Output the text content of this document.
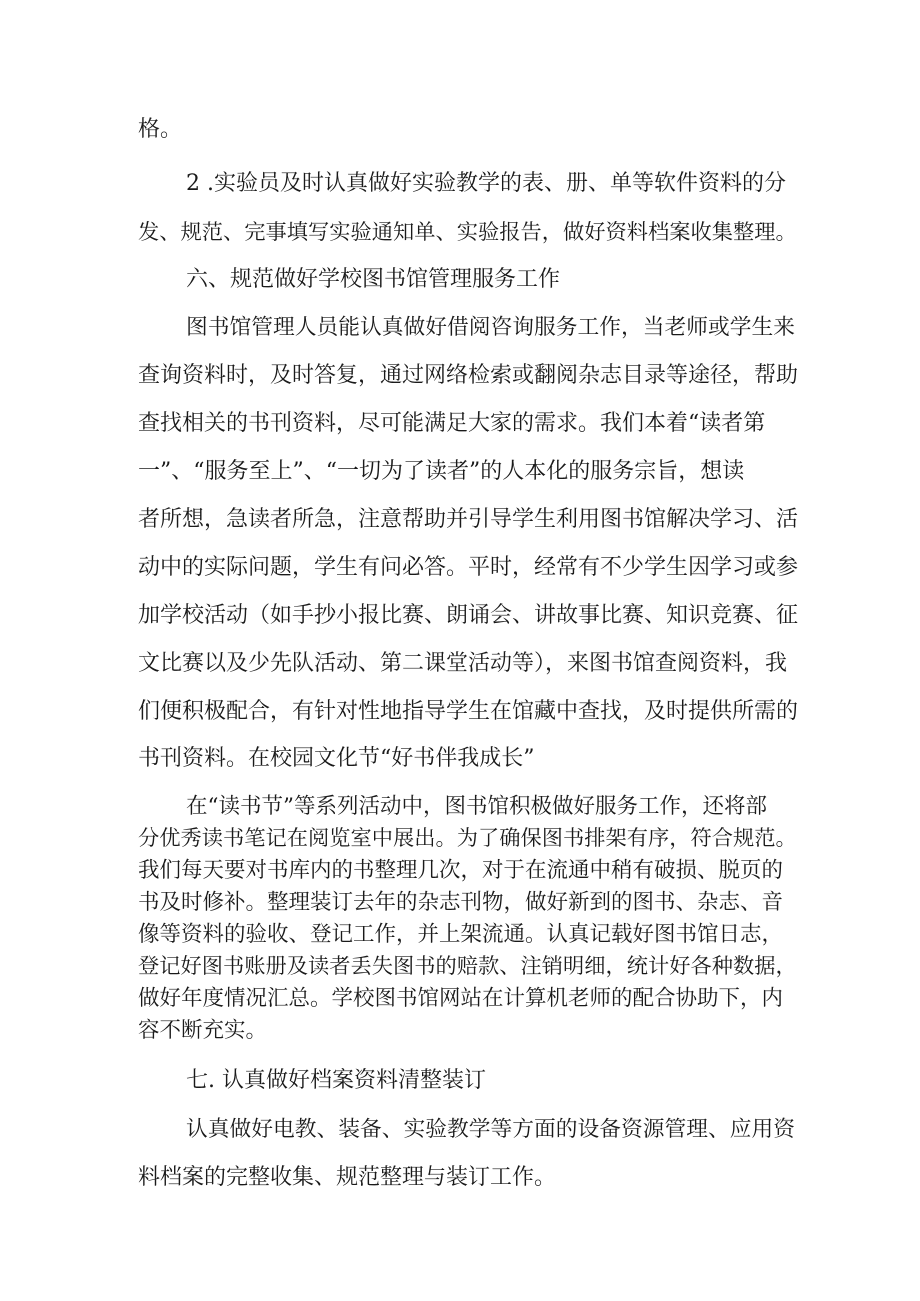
格。
2 .实验员及时认真做好实验教学的表、册、单等软件资料的分
发、规范、完事填写实验通知单、实验报告，做好资料档案收集整理。
六、规范做好学校图书馆管理服务工作
图书馆管理人员能认真做好借阅咨询服务工作，当老师或学生来
查询资料时，及时答复，通过网络检索或翻阅杂志目录等途径，帮助
查找相关的书刊资料，尽可能满足大家的需求。我们本着“读者第
一”、“服务至上”、“一切为了读者”的人本化的服务宗旨，想读
者所想，急读者所急，注意帮助并引导学生利用图书馆解决学习、活
动中的实际问题，学生有问必答。平时，经常有不少学生因学习或参
加学校活动（如手抄小报比赛、朗诵会、讲故事比赛、知识竞赛、征
文比赛以及少先队活动、第二课堂活动等），来图书馆查阅资料，我
们便积极配合，有针对性地指导学生在馆藏中查找，及时提供所需的
书刊资料。在校园文化节“好书伴我成长”
在“读书节”等系列活动中，图书馆积极做好服务工作，还将部
分优秀读书笔记在阅览室中展出。为了确保图书排架有序，符合规范。
我们每天要对书库内的书整理几次，对于在流通中稍有破损、脱页的
书及时修补。整理装订去年的杂志刊物，做好新到的图书、杂志、音
像等资料的验收、登记工作，并上架流通。认真记载好图书馆日志，
登记好图书账册及读者丢失图书的赔款、注销明细，统计好各种数据，
做好年度情况汇总。学校图书馆网站在计算机老师的配合协助下，内
容不断充实。
七. 认真做好档案资料清整装订
认真做好电教、装备、实验教学等方面的设备资源管理、应用资
料档案的完整收集、规范整理与装订工作。
